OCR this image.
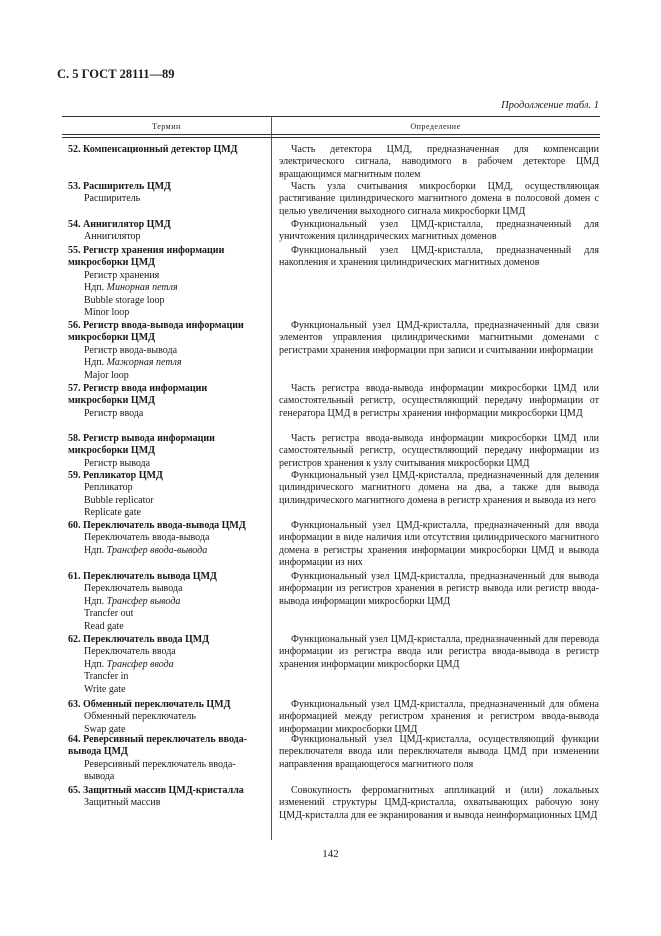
С. 5 ГОСТ 28111—89
Продолжение табл. 1
Термин	Определение
52. Компенсационный детектор ЦМД	Часть детектора ЦМД, предназначенная для компенсации электрического сигнала, наводимого в рабочем детекторе ЦМД вращающимся магнитным полем

53. Расширитель ЦМД
Расширитель

Часть узла считывания микросборки ЦМД, осуществляющая растягивание цилиндрического магнитного домена в полосовой домен с целью увеличения выходного сигнала микросборки ЦМД

54. Аннигилятор ЦМД
Аннигилятор

Функциональный узел ЦМД-кристалла, предназначенный для уничтожения цилиндрических магнитных доменов

55. Регистр хранения информации микросборки ЦМД
Регистр хранения
Ндп. Минорная петля
Bubble storage loop
Minor loop

Функциональный узел ЦМД-кристалла, предназначенный для накопления и хранения цилиндрических магнитных доменов

56. Регистр ввода-вывода информации микросборки ЦМД
Регистр ввода-вывода
Ндп. Мажорная петля
Major loop

Функциональный узел ЦМД-кристалла, предназначенный для связи элементов управления цилиндрическими магнитными доменами с регистрами хранения информации при записи и считывании информации

57. Регистр ввода информации микросборки ЦМД
Регистр ввода

Часть регистра ввода-вывода информации микросборки ЦМД или самостоятельный регистр, осуществляющий передачу информации от генератора ЦМД в регистры хранения информации микросборки ЦМД

58. Регистр вывода информации микросборки ЦМД
Регистр вывода

Часть регистра ввода-вывода информации микросборки ЦМД или самостоятельный регистр, осуществляющий передачу информации из регистров хранения к узлу считывания микросборки ЦМД

59. Репликатор ЦМД
Репликатор
Bubble replicator
Replicate gate

Функциональный узел ЦМД-кристалла, предназначенный для деления цилиндрического магнитного домена на два, а также для вывода цилиндрического магнитного домена в регистр хранения и вывода из него

60. Переключатель ввода-вывода ЦМД
Переключатель ввода-вывода
Ндп. Трансфер ввода-вывода

Функциональный узел ЦМД-кристалла, предназначенный для ввода информации в виде наличия или отсутствия цилиндрического магнитного домена в регистры хранения информации микросборки ЦМД и вывода информации из них

61. Переключатель вывода ЦМД
Переключатель вывода
Ндп. Трансфер вывода
Trancfer out
Read gate

Функциональный узел ЦМД-кристалла, предназначенный для вывода информации из регистров хранения в регистр вывода или регистр ввода-вывода информации микросборки ЦМД

62. Переключатель ввода ЦМД
Переключатель ввода
Ндп. Трансфер ввода
Trancfer in
Write gate

Функциональный узел ЦМД-кристалла, предназначенный для перевода информации из регистра ввода или регистра ввода-вывода в регистр хранения информации микросборки ЦМД

63. Обменный переключатель ЦМД
Обменный переключатель
Swap gate

Функциональный узел ЦМД-кристалла, предназначенный для обмена информацией между регистром хранения и регистром ввода-вывода информации микросборки ЦМД

64. Реверсивный переключатель ввода-вывода ЦМД
Реверсивный переключатель ввода-вывода

Функциональный узел ЦМД-кристалла, осуществляющий функции переключателя ввода или переключателя вывода ЦМД при изменении направления вращающегося магнитного поля

65. Защитный массив ЦМД-кристалла
Защитный массив

Совокупность ферромагнитных аппликаций и (или) локальных изменений структуры ЦМД-кристалла, охватывающих рабочую зону ЦМД-кристалла для ее экранирования и вывода неинформационных ЦМД

142
